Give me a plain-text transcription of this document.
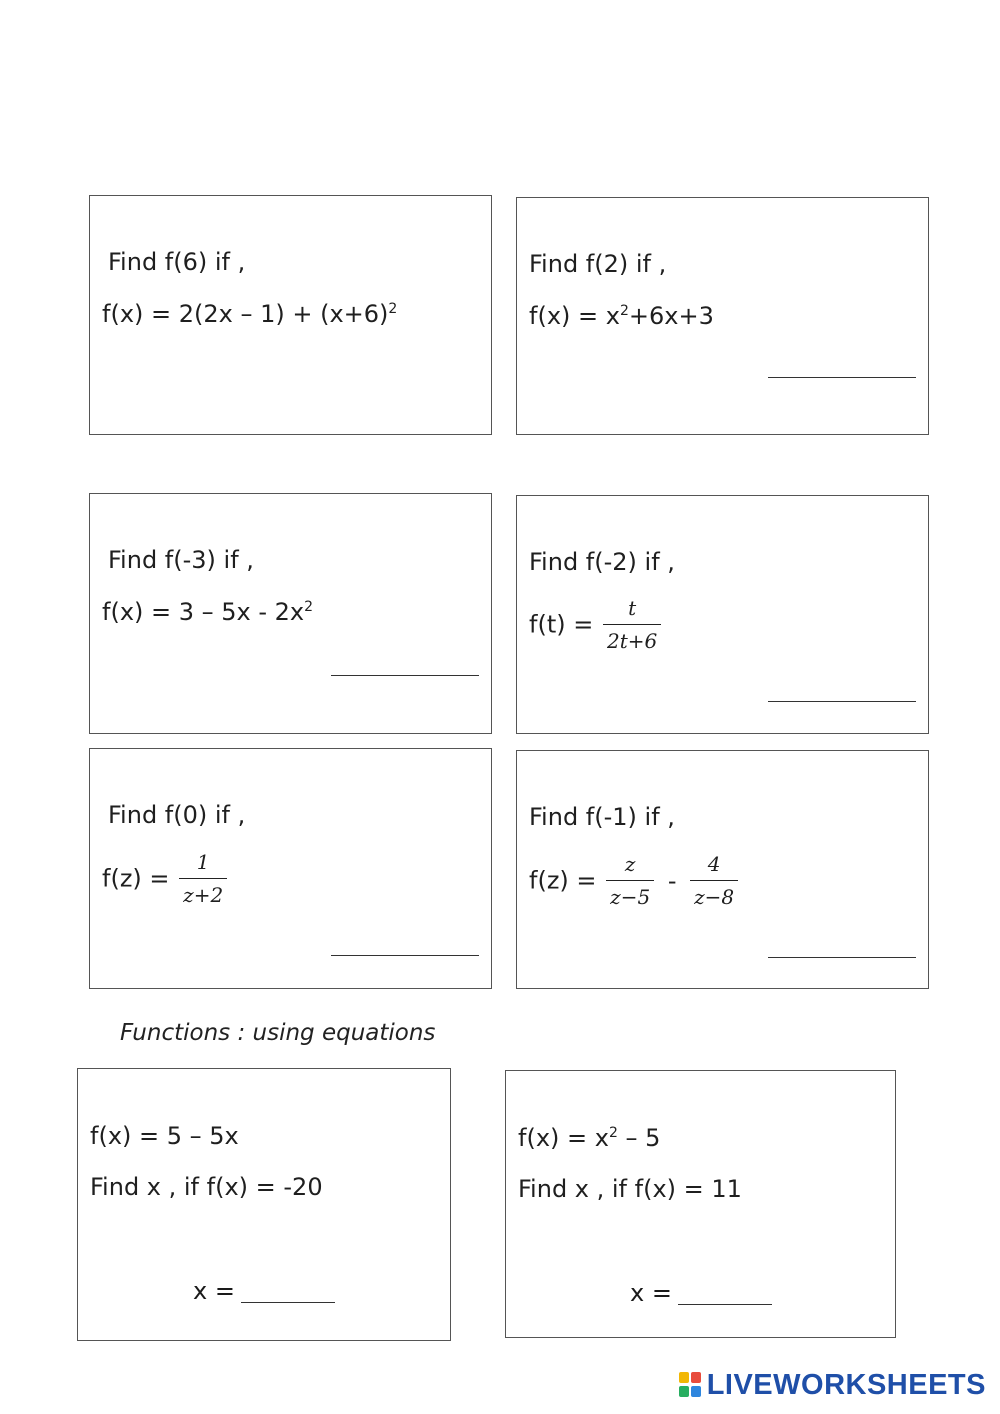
Find f(6) if ,
$f(x) = 2(2x - 1) + (x+6)^2$
Find f(2) if ,
$f(x) = x^2+6x+3$
Find f(-3) if ,
$f(x) = 3 - 5x - 2x^2$
Find f(-2) if ,
$f(t) = \frac{t}{2t+6}$
Find f(0) if ,
$f(z) = \frac{1}{z+2}$
Find f(-1) if ,
$f(z) = \frac{z}{z-5} - \frac{4}{z-8}$
Functions : using equations
f(x) = 5 – 5x
Find x , if f(x) = -20
x =
$f(x) = x^2 - 5$
Find x , if f(x) = 11
x =
LIVEWORKSHEETS
